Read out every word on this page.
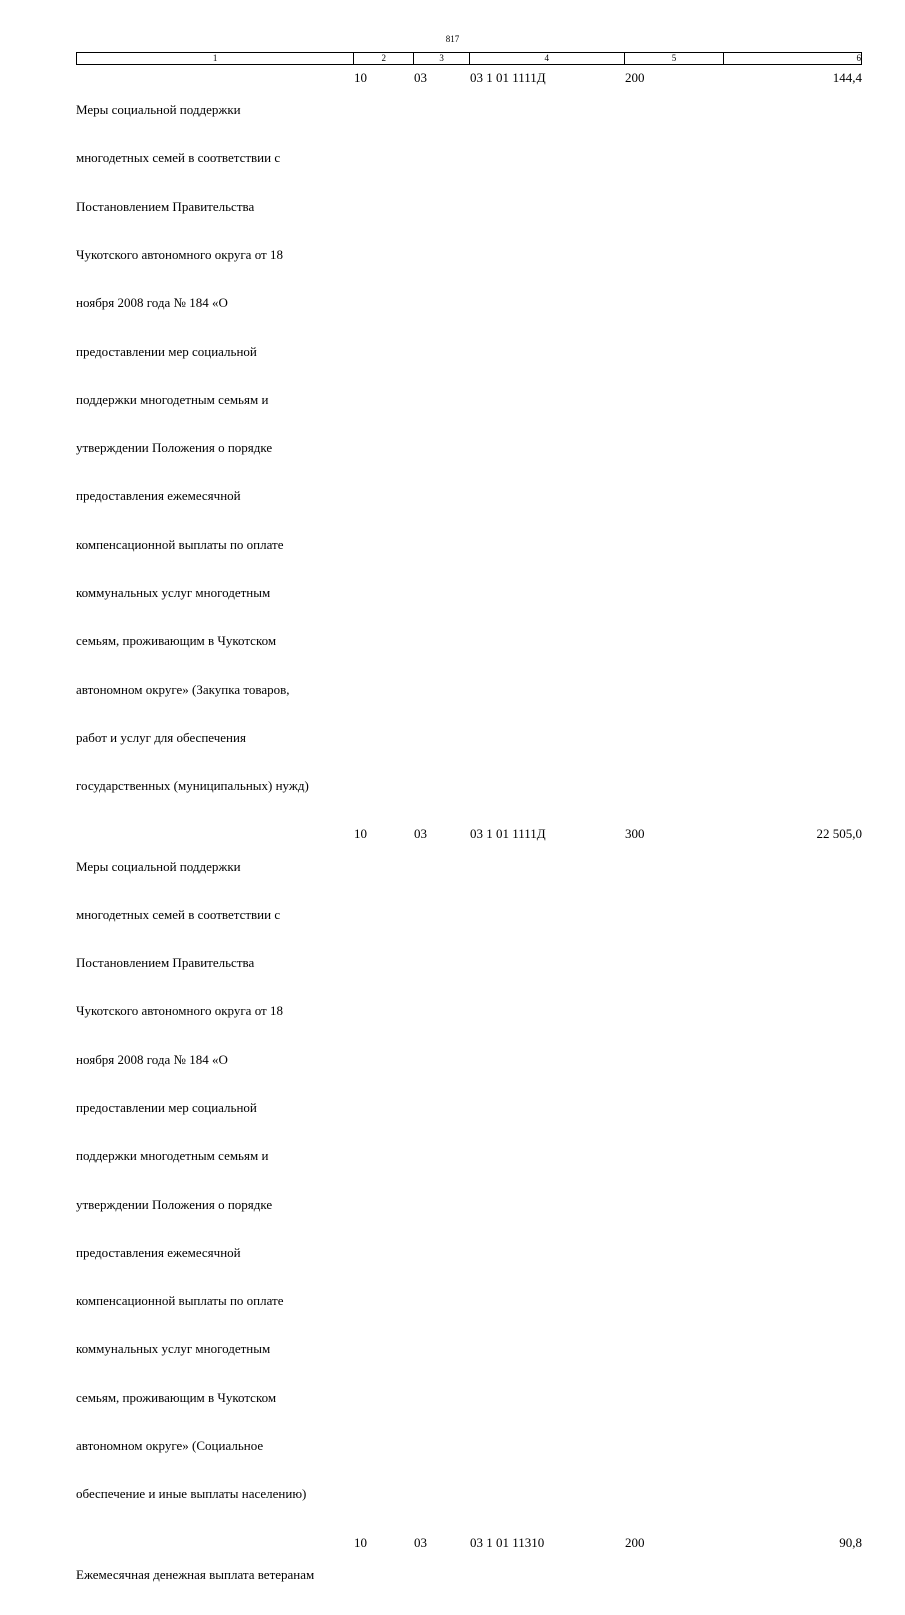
817
1	2	3	4	5	6

Меры социальной поддержки

многодетных семей в соответствии с

Постановлением Правительства

Чукотского автономного округа от 18

ноября 2008 года № 184 «О

предоставлении мер социальной

поддержки многодетным семьям и

утверждении Положения о порядке

предоставления ежемесячной

компенсационной выплаты по оплате

коммунальных услуг многодетным

семьям, проживающим в Чукотском

автономном округе» (Закупка товаров,

работ и услуг для обеспечения

государственных (муниципальных) нужд)

10	03	03 1 01 1111Д	200	144,4

Меры социальной поддержки

многодетных семей в соответствии с

Постановлением Правительства

Чукотского автономного округа от 18

ноября 2008 года № 184 «О

предоставлении мер социальной

поддержки многодетным семьям и

утверждении Положения о порядке

предоставления ежемесячной

компенсационной выплаты по оплате

коммунальных услуг многодетным

семьям, проживающим в Чукотском

автономном округе» (Социальное

обеспечение и иные выплаты населению)

10	03	03 1 01 1111Д	300	22 505,0

Ежемесячная денежная выплата ветеранам

10	03	03 1 01 11310	200	90,8
